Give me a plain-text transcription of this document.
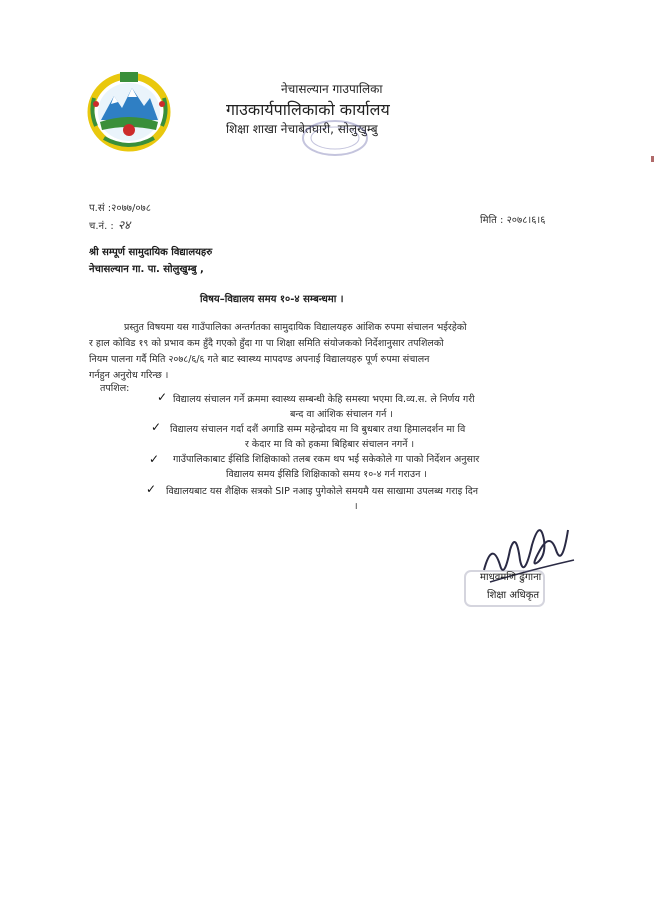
नेचासल्यान गाउपालिका
गाउकार्यपालिकाको कार्यालय
शिक्षा शाखा नेचाबेतघारी, सोलुखुम्बु
प.सं :२०७७/०७८
च.नं. : २४	मिति : २०७८।६।६
श्री सम्पूर्ण सामुदायिक विद्यालयहरु
नेचासल्यान गा. पा. सोलुखुम्बु ,
विषय–विद्यालय समय १०-४ सम्बन्धमा ।
प्रस्तुत विषयमा यस गाउँपालिका अन्तर्गतका सामुदायिक विद्यालयहरु आंशिक रुपमा संचालन भईरहेको
र हाल कोविड १९ को प्रभाव कम हुँदै गएको हुँदा गा पा शिक्षा समिति संयोजकको निर्देशानुसार तपशिलको
नियम पालना गर्दै मिति २०७८/६/६ गते बाट स्वास्थ्य मापदण्ड अपनाई विद्यालयहरु पूर्ण रुपमा संचालन
गर्नहुन अनुरोध गरिन्छ ।
तपशिल:
✓ विद्यालय संचालन गर्ने क्रममा स्वास्थ्य सम्बन्धी केहि समस्या भएमा वि.व्य.स. ले निर्णय गरी
बन्द वा आंशिक संचालन गर्न ।
✓ विद्यालय संचालन गर्दा दशैं अगाडि सम्म महेन्द्रोदय मा वि बुधबार तथा हिमालदर्शन मा वि
र केदार मा वि को हकमा बिहिबार संचालन नगर्ने ।
✓ गाउँपालिकाबाट ईसिडि शिक्षिकाको तलब रकम थप भई सकेकोले गा पाको निर्देशन अनुसार
विद्यालय समय ईसिडि शिक्षिकाको समय १०-४ गर्न गराउन ।
✓ विद्यालयबाट यस शैक्षिक सत्रको SIP नआइ पुगेकोले समयमै यस साखामा उपलब्ध गराइ दिन
।
माधवमणि ढुंगाना
शिक्षा अधिकृत
